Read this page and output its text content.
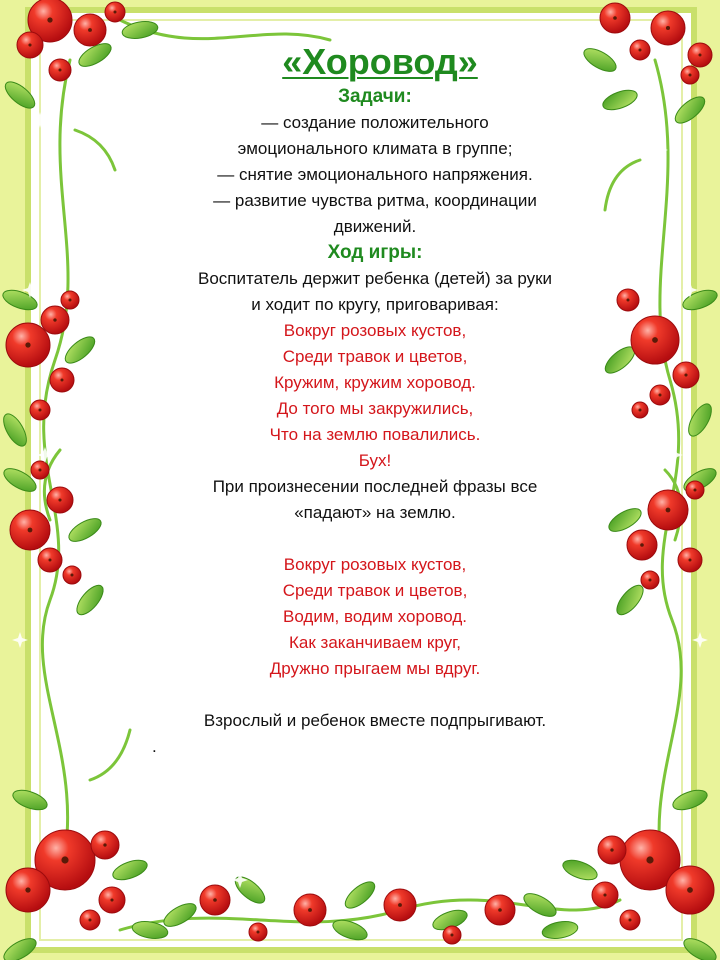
«Хоровод»
Задачи:
— создание положительного
эмоционального климата в группе;
— снятие эмоционального напряжения.
— развитие чувства ритма, координации
движений.
Ход игры:
Воспитатель держит ребенка (детей) за руки
и ходит по кругу, приговаривая:
Вокруг розовых кустов,
Среди травок и цветов,
Кружим, кружим хоровод.
До того мы закружились,
Что на землю повалились.
Бух!
При произнесении последней фразы все
«падают» на землю.
Вокруг розовых кустов,
Среди травок и цветов,
Водим, водим хоровод.
Как заканчиваем круг,
Дружно прыгаем мы вдруг.
Взрослый и ребенок вместе подпрыгивают.
.
